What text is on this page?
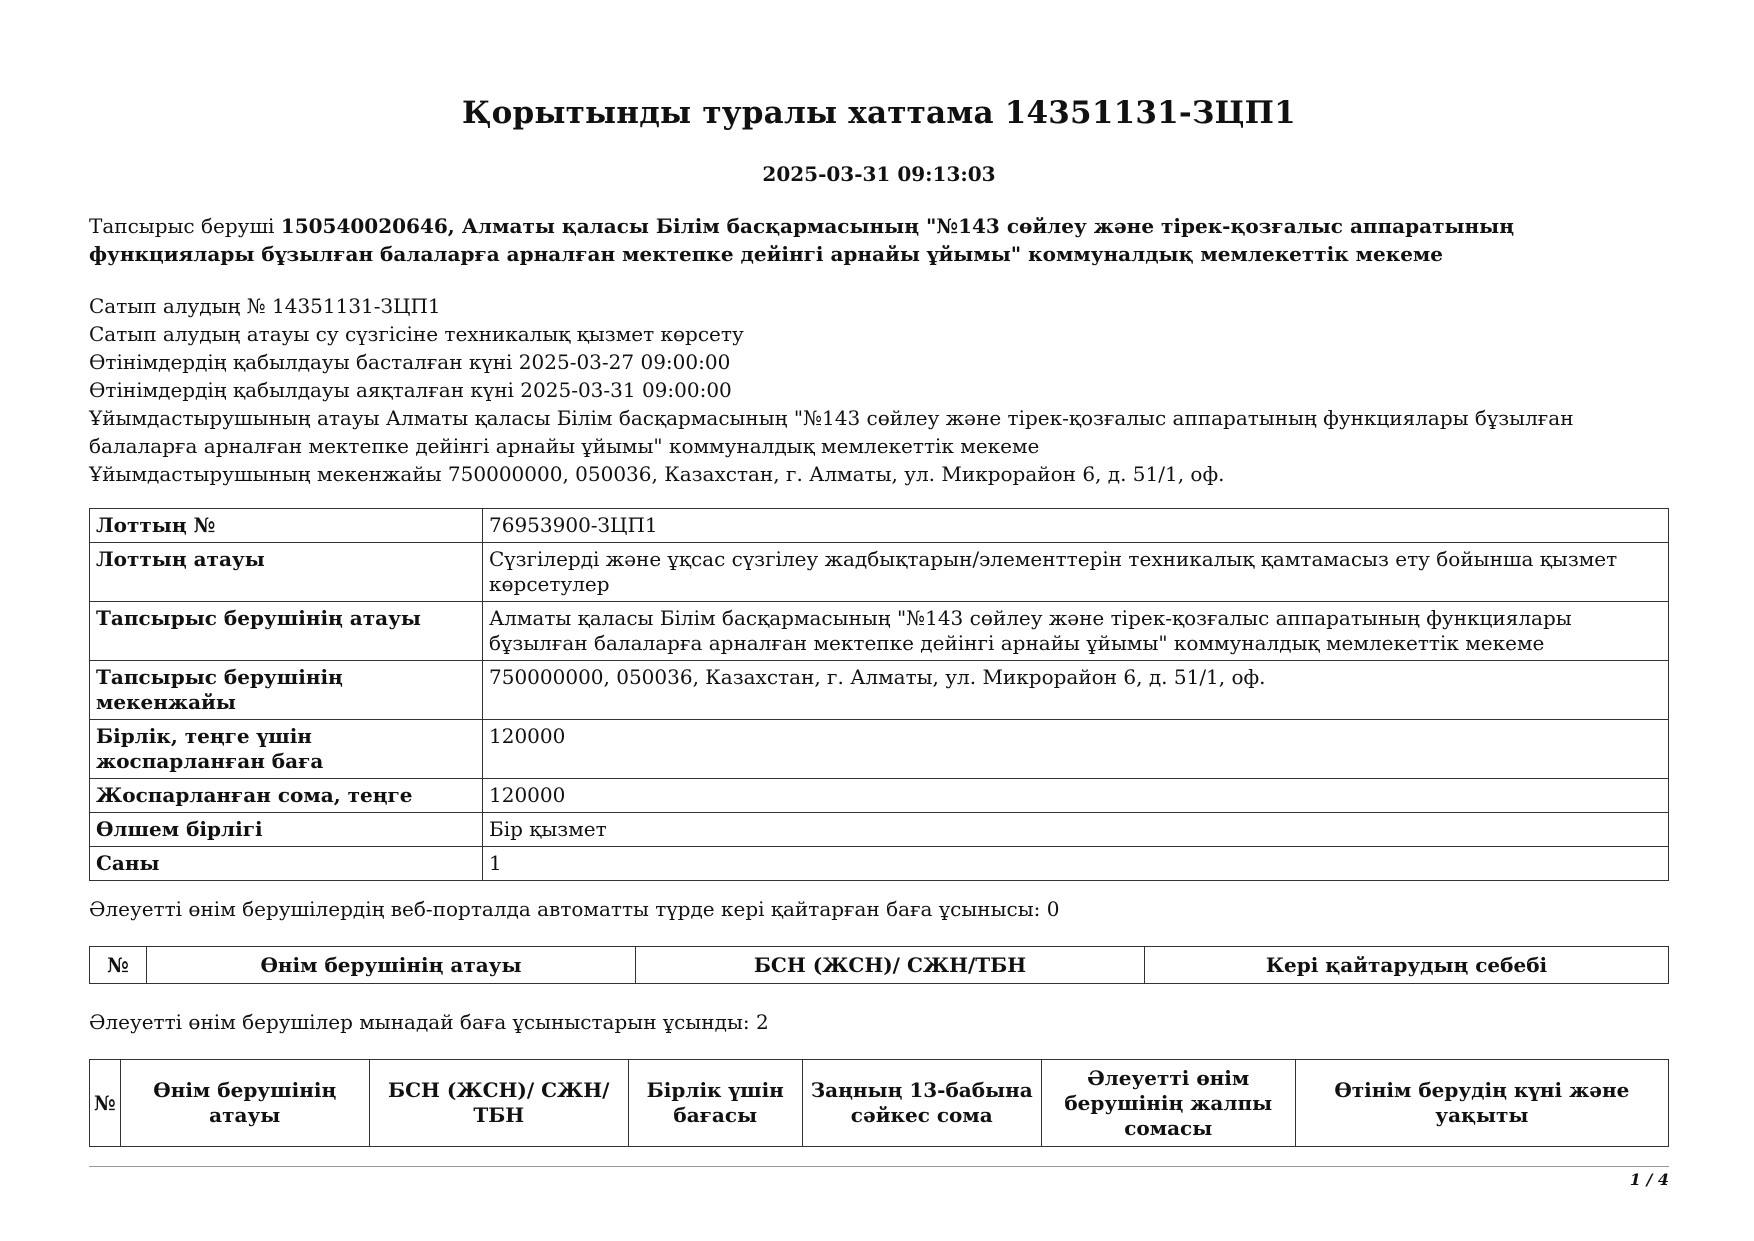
Қорытынды туралы хаттама 14351131-ЗЦП1
2025-03-31 09:13:03
Тапсырыс беруші 150540020646, Алматы қаласы Білім басқармасының "№143 сөйлеу және тірек-қозғалыс аппаратының функциялары бұзылған балаларға арналған мектепке дейінгі арнайы ұйымы" коммуналдық мемлекеттік мекеме
Сатып алудың № 14351131-ЗЦП1
Сатып алудың атауы су сүзгісіне техникалық қызмет көрсету
Өтінімдердің қабылдауы басталған күні 2025-03-27 09:00:00
Өтінімдердің қабылдауы аяқталған күні 2025-03-31 09:00:00
Ұйымдастырушының атауы Алматы қаласы Білім басқармасының "№143 сөйлеу және тірек-қозғалыс аппаратының функциялары бұзылған балаларға арналған мектепке дейінгі арнайы ұйымы" коммуналдық мемлекеттік мекеме
Ұйымдастырушының мекенжайы 750000000, 050036, Казахстан, г. Алматы, ул. Микрорайон 6, д. 51/1, оф.
Лоттың №	76953900-ЗЦП1
Лоттың атауы	Сүзгілерді және ұқсас сүзгілеу жадбықтарын/элементтерін техникалық қамтамасыз ету бойынша қызмет көрсетулер
Тапсырыс берушінің атауы	Алматы қаласы Білім басқармасының "№143 сөйлеу және тірек-қозғалыс аппаратының функциялары бұзылған балаларға арналған мектепке дейінгі арнайы ұйымы" коммуналдық мемлекеттік мекеме
Тапсырыс берушінің мекенжайы	750000000, 050036, Казахстан, г. Алматы, ул. Микрорайон 6, д. 51/1, оф.
Бірлік, теңге үшін жоспарланған баға	120000
Жоспарланған сома, теңге	120000
Өлшем бірлігі	Бір қызмет
Саны	1
Әлеуетті өнім берушілердің веб-порталда автоматты түрде кері қайтарған баға ұсынысы: 0
№	Өнім берушінің атауы	БСН (ЖСН)/ СЖН/ТБН	Кері қайтарудың себебі
Әлеуетті өнім берушілер мынадай баға ұсыныстарын ұсынды: 2
№	Өнім берушінің атауы	БСН (ЖСН)/ СЖН/ТБН	Бірлік үшін бағасы	Заңның 13-бабына сәйкес сома	Әлеуетті өнім берушінің жалпы сомасы	Өтінім берудің күні және уақыты
1 / 4
